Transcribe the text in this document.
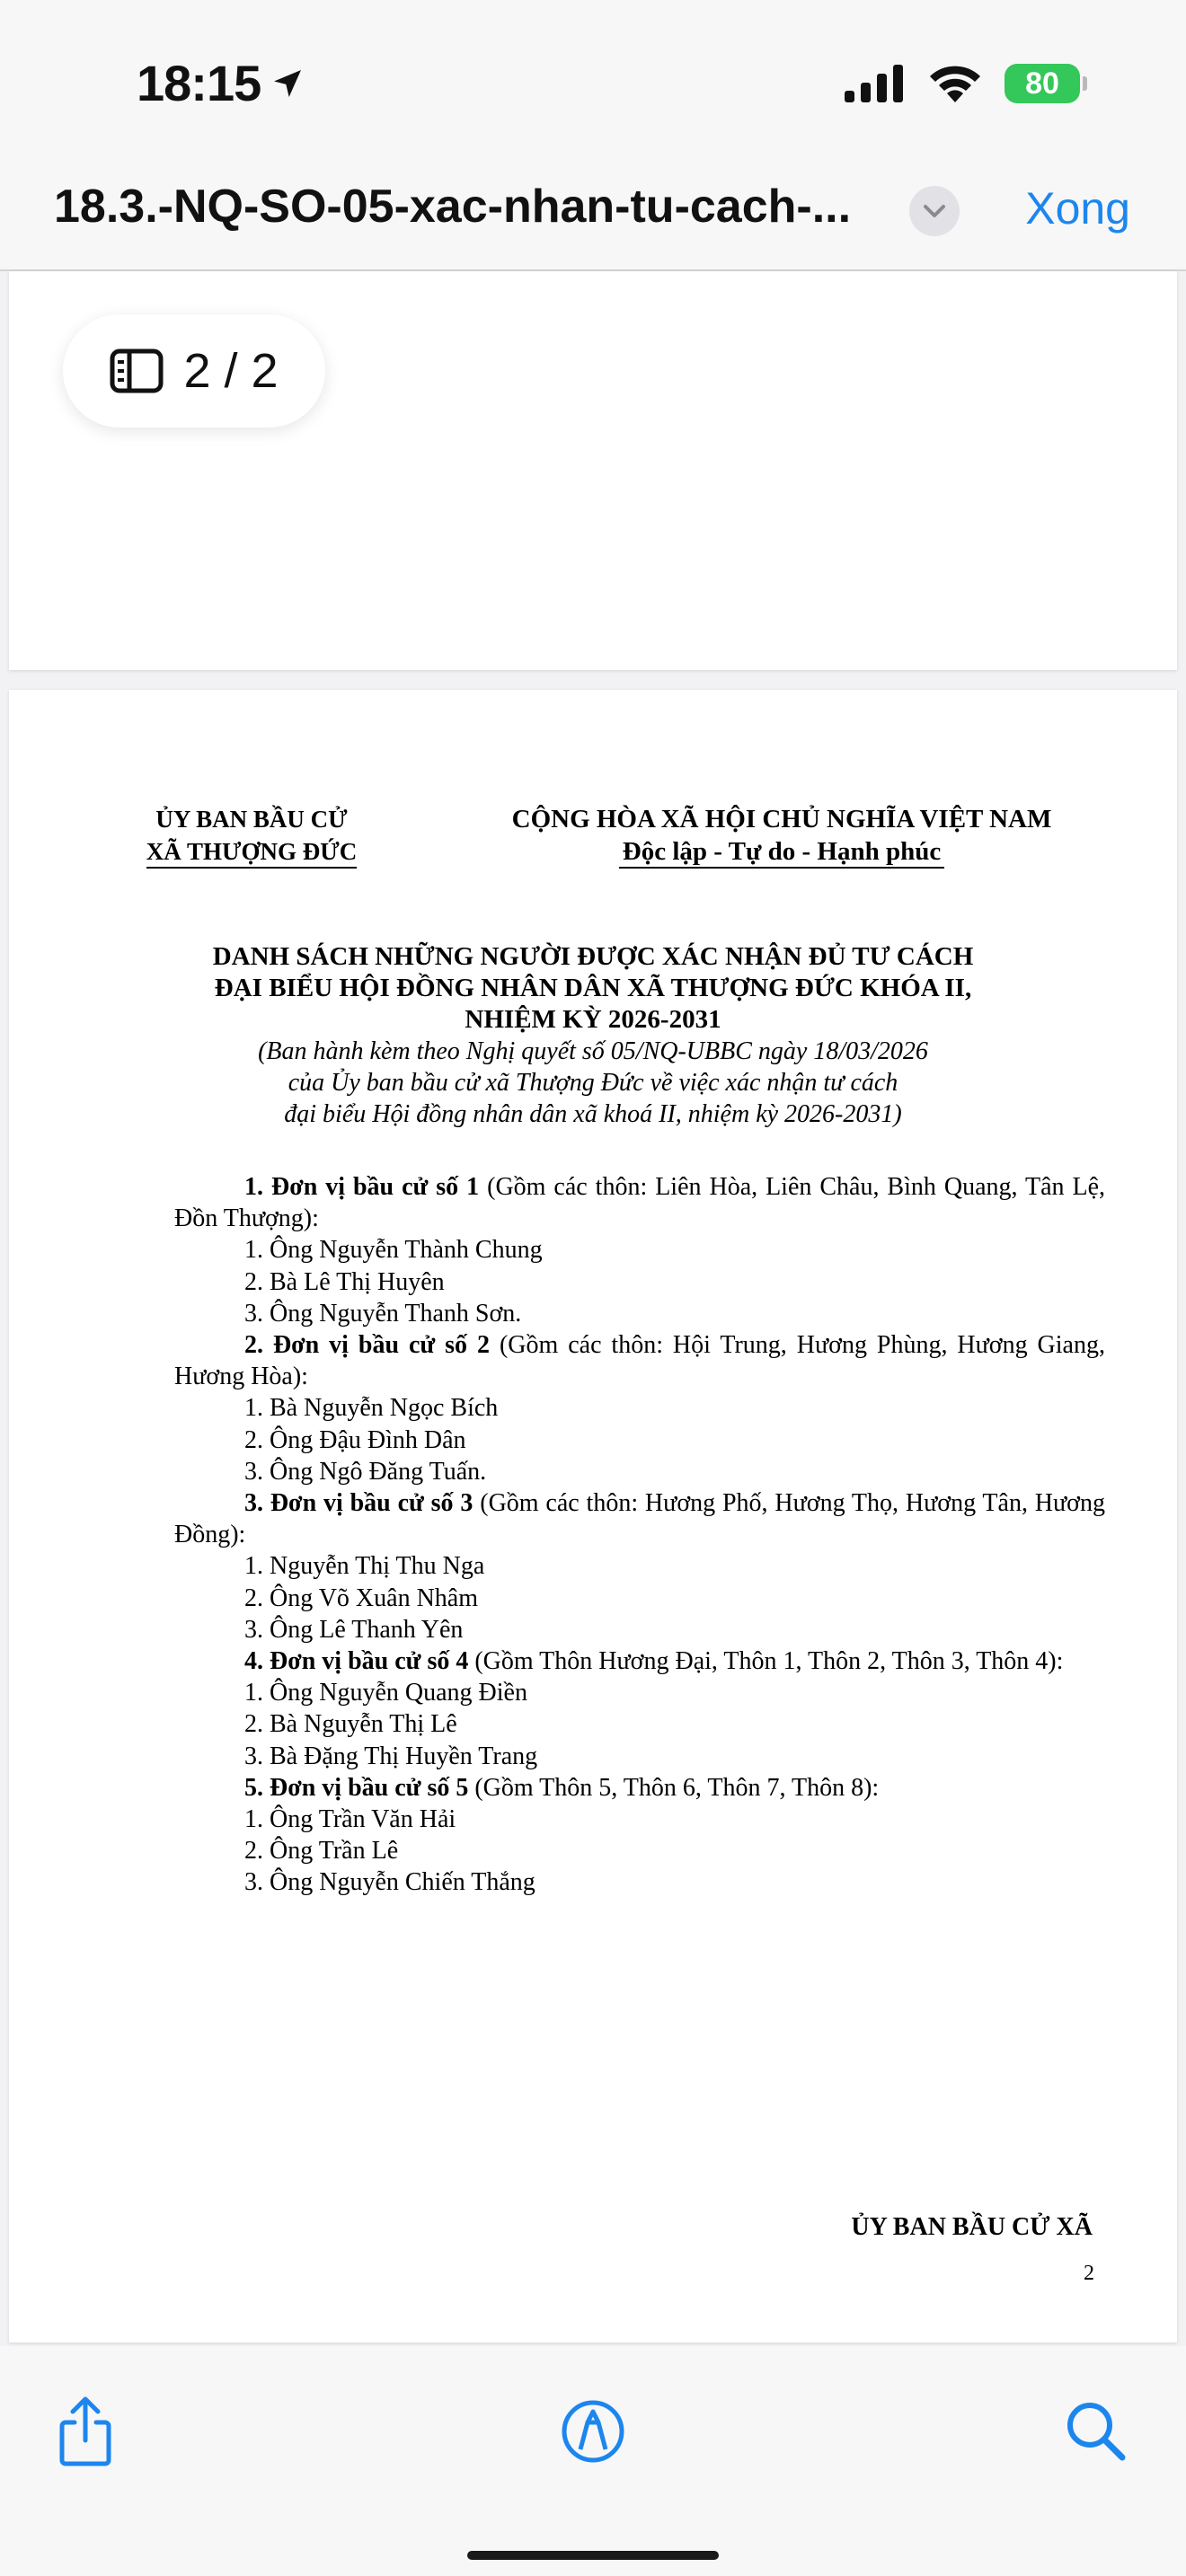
18:15	80
18.3.-NQ-SO-05-xac-nhan-tu-cach-...	Xong
2 / 2
ỦY BAN BẦU CỬ
XÃ THƯỢNG ĐỨC
CỘNG HÒA XÃ HỘI CHỦ NGHĨA VIỆT NAM
Độc lập - Tự do - Hạnh phúc
DANH SÁCH NHỮNG NGƯỜI ĐƯỢC XÁC NHẬN ĐỦ TƯ CÁCH
ĐẠI BIỂU HỘI ĐỒNG NHÂN DÂN XÃ THƯỢNG ĐỨC KHÓA II,
NHIỆM KỲ 2026-2031
(Ban hành kèm theo Nghị quyết số 05/NQ-UBBC ngày 18/03/2026
của Ủy ban bầu cử xã Thượng Đức về việc xác nhận tư cách
đại biểu Hội đồng nhân dân xã khoá II, nhiệm kỳ 2026-2031)

1. Đơn vị bầu cử số 1 (Gồm các thôn: Liên Hòa, Liên Châu, Bình Quang, Tân Lệ, Đồn Thượng):

1. Ông Nguyễn Thành Chung

2. Bà Lê Thị Huyên

3. Ông Nguyễn Thanh Sơn.

2. Đơn vị bầu cử số 2 (Gồm các thôn: Hội Trung, Hương Phùng, Hương Giang, Hương Hòa):

1. Bà Nguyễn Ngọc Bích

2. Ông Đậu Đình Dân

3. Ông Ngô Đăng Tuấn.

3. Đơn vị bầu cử số 3 (Gồm các thôn: Hương Phố, Hương Thọ, Hương Tân, Hương Đồng):

1. Nguyễn Thị Thu Nga

2. Ông Võ Xuân Nhâm

3. Ông Lê Thanh Yên

4. Đơn vị bầu cử số 4 (Gồm Thôn Hương Đại, Thôn 1, Thôn 2, Thôn 3, Thôn 4):

1. Ông Nguyễn Quang Điền

2. Bà Nguyễn Thị Lê

3. Bà Đặng Thị Huyền Trang

5. Đơn vị bầu cử số 5 (Gồm Thôn 5, Thôn 6, Thôn 7, Thôn 8):

1. Ông Trần Văn Hải

2. Ông Trần Lê

3. Ông Nguyễn Chiến Thắng

ỦY BAN BẦU CỬ XÃ
2
